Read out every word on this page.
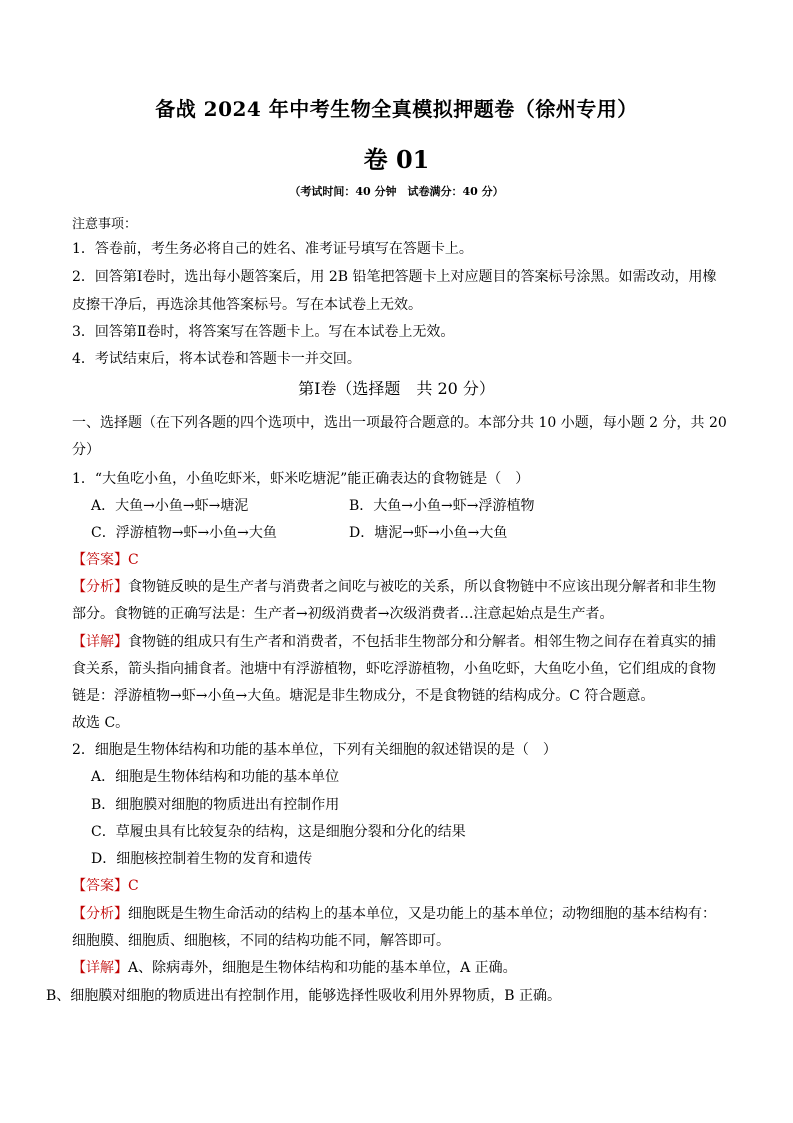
备战 2024 年中考生物全真模拟押题卷（徐州专用）
卷 01
（考试时间：40 分钟　试卷满分：40 分）
注意事项：
1．答卷前，考生务必将自己的姓名、准考证号填写在答题卡上。
2．回答第Ⅰ卷时，选出每小题答案后，用 2B 铅笔把答题卡上对应题目的答案标号涂黑。如需改动，用橡
皮擦干净后，再选涂其他答案标号。写在本试卷上无效。
3．回答第Ⅱ卷时，将答案写在答题卡上。写在本试卷上无效。
4．考试结束后，将本试卷和答题卡一并交回。
第Ⅰ卷（选择题　共 20 分）
一、选择题（在下列各题的四个选项中，选出一项最符合题意的。本部分共 10 小题，每小题 2 分，共 20
分）
1．“大鱼吃小鱼，小鱼吃虾米，虾米吃塘泥”能正确表达的食物链是（　）
A．大鱼→小鱼→虾→塘泥	B．大鱼→小鱼→虾→浮游植物
C．浮游植物→虾→小鱼→大鱼	D．塘泥→虾→小鱼→大鱼
【答案】C
【分析】食物链反映的是生产者与消费者之间吃与被吃的关系，所以食物链中不应该出现分解者和非生物
部分。食物链的正确写法是：生产者→初级消费者→次级消费者…注意起始点是生产者。
【详解】食物链的组成只有生产者和消费者，不包括非生物部分和分解者。相邻生物之间存在着真实的捕
食关系，箭头指向捕食者。池塘中有浮游植物，虾吃浮游植物，小鱼吃虾，大鱼吃小鱼，它们组成的食物
链是：浮游植物→虾→小鱼→大鱼。塘泥是非生物成分，不是食物链的结构成分。C 符合题意。
故选 C。
2．细胞是生物体结构和功能的基本单位，下列有关细胞的叙述错误的是（　）
A．细胞是生物体结构和功能的基本单位
B．细胞膜对细胞的物质进出有控制作用
C．草履虫具有比较复杂的结构，这是细胞分裂和分化的结果
D．细胞核控制着生物的发育和遗传
【答案】C
【分析】细胞既是生物生命活动的结构上的基本单位，又是功能上的基本单位；动物细胞的基本结构有：
细胞膜、细胞质、细胞核，不同的结构功能不同，解答即可。
【详解】A、除病毒外，细胞是生物体结构和功能的基本单位，A 正确。
B、细胞膜对细胞的物质进出有控制作用，能够选择性吸收利用外界物质，B 正确。
